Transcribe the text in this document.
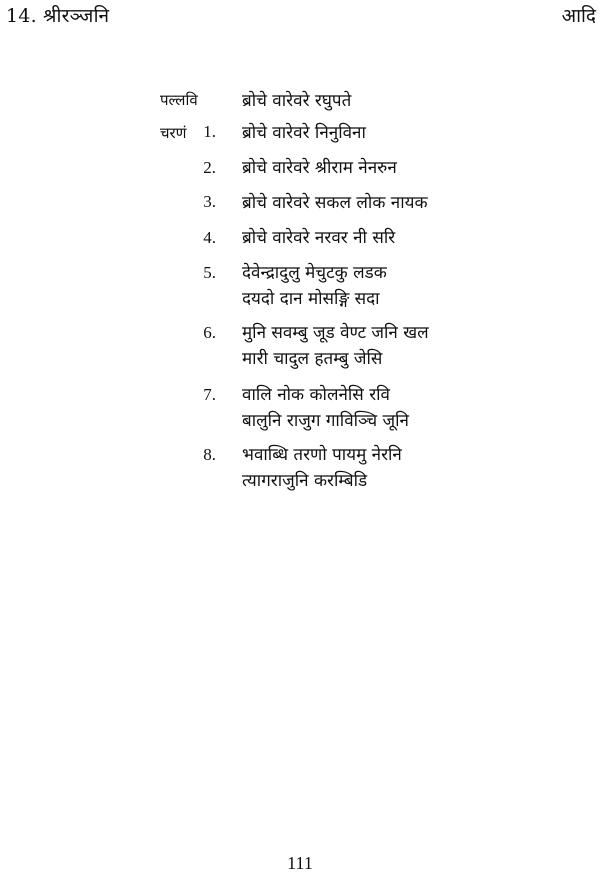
14. श्रीरञ्जनि	आदि
पल्लवि
चरणं
ब्रोचे वारेवरे रघुपते
1.
2.
3.
4.
5.
6.
7.
8.
ब्रोचे वारेवरे निनुविना
ब्रोचे वारेवरे श्रीराम नेनरुन
ब्रोचे वारेवरे सकल लोक नायक
ब्रोचे वारेवरे नरवर नी सरि
देवेन्द्रादुलु मेचुटकु लडक
दयदो दान मोसङ्गि सदा
मुनि सवम्बु जूड वेण्ट जनि खल
मारी चादुल हतम्बु जेसि
वालि नोक कोलनेसि रवि
बालुनि राजुग गाविञ्चि जूनि
भवाब्धि तरणो पायमु नेरनि
त्यागराजुनि करम्बिडि
111
